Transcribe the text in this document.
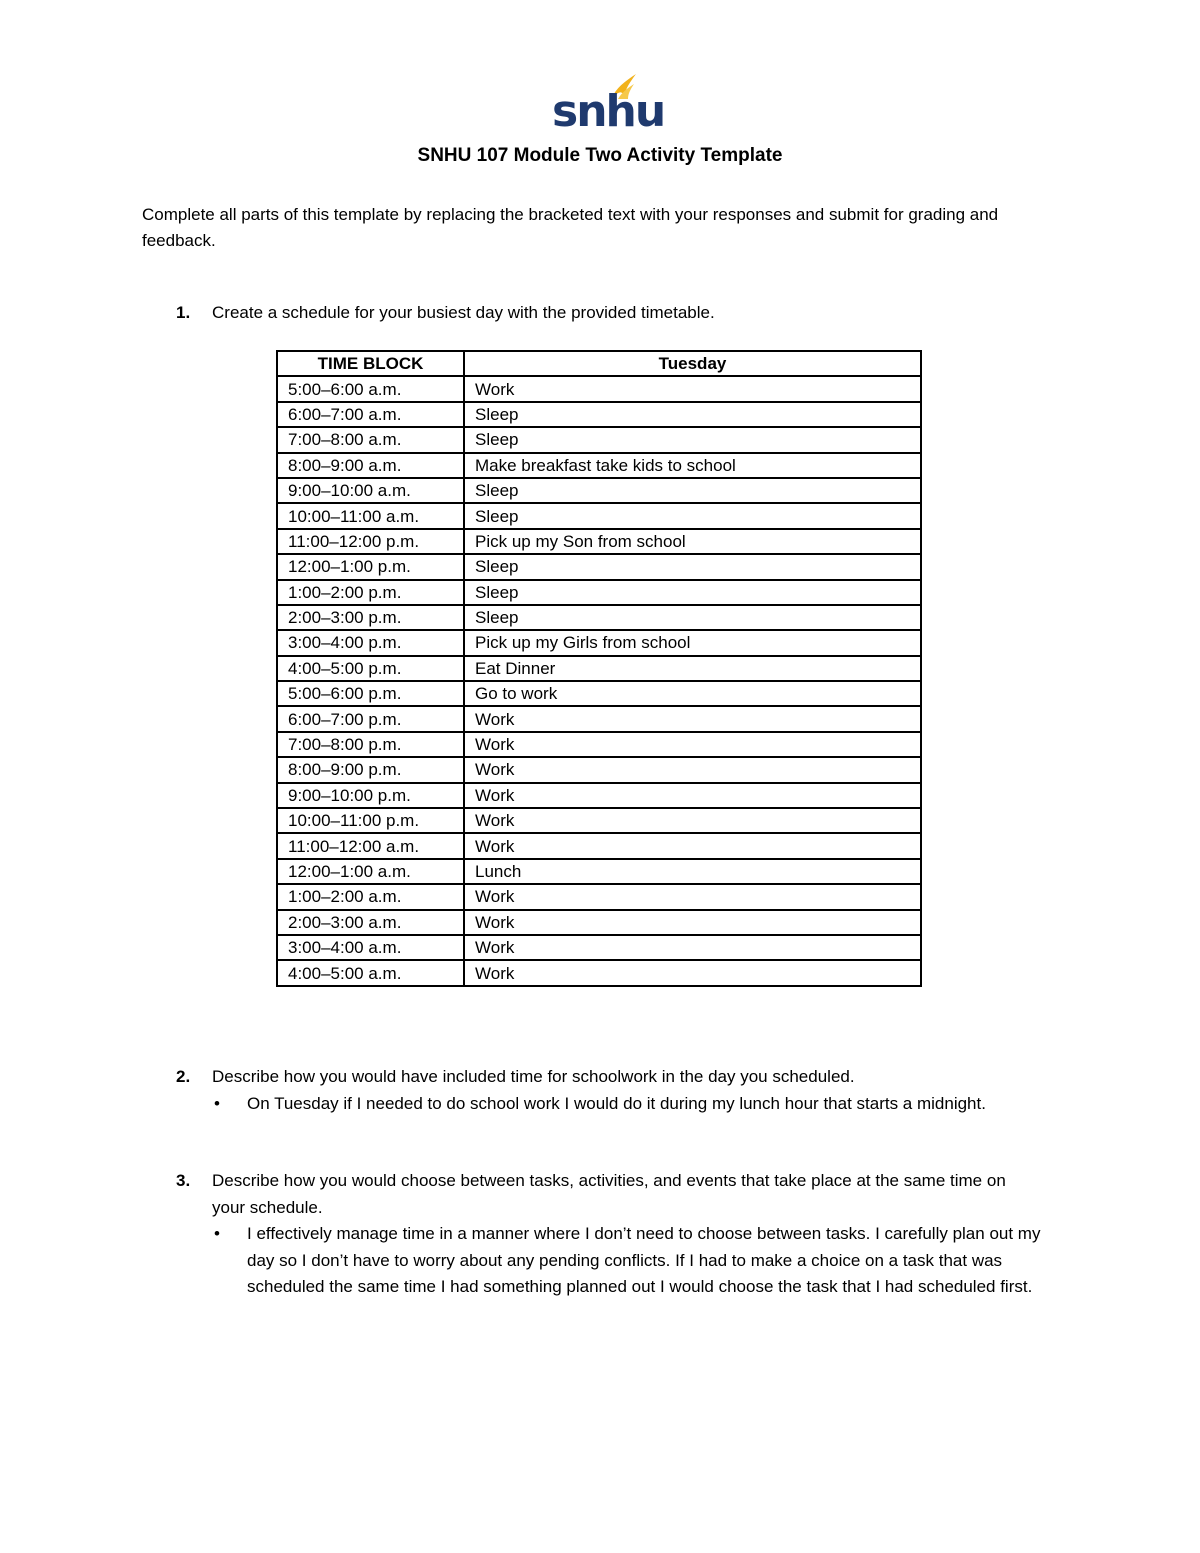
snhu
SNHU 107 Module Two Activity Template
Complete all parts of this template by replacing the bracketed text with your responses and submit for grading and feedback.
1. Create a schedule for your busiest day with the provided timetable.
TIME BLOCK	Tuesday
5:00–6:00 a.m.	Work
6:00–7:00 a.m.	Sleep
7:00–8:00 a.m.	Sleep
8:00–9:00 a.m.	Make breakfast take kids to school
9:00–10:00 a.m.	Sleep
10:00–11:00 a.m.	Sleep
11:00–12:00 p.m.	Pick up my Son from school
12:00–1:00 p.m.	Sleep
1:00–2:00 p.m.	Sleep
2:00–3:00 p.m.	Sleep
3:00–4:00 p.m.	Pick up my Girls from school
4:00–5:00 p.m.	Eat Dinner
5:00–6:00 p.m.	Go to work
6:00–7:00 p.m.	Work
7:00–8:00 p.m.	Work
8:00–9:00 p.m.	Work
9:00–10:00 p.m.	Work
10:00–11:00 p.m.	Work
11:00–12:00 a.m.	Work
12:00–1:00 a.m.	Lunch
1:00–2:00 a.m.	Work
2:00–3:00 a.m.	Work
3:00–4:00 a.m.	Work
4:00–5:00 a.m.	Work
2. Describe how you would have included time for schoolwork in the day you scheduled.
• On Tuesday if I needed to do school work I would do it during my lunch hour that starts a midnight.
3. Describe how you would choose between tasks, activities, and events that take place at the same time on your schedule.
• I effectively manage time in a manner where I don’t need to choose between tasks. I carefully plan out my day so I don’t have to worry about any pending conflicts. If I had to make a choice on a task that was scheduled the same time I had something planned out I would choose the task that I had scheduled first.
